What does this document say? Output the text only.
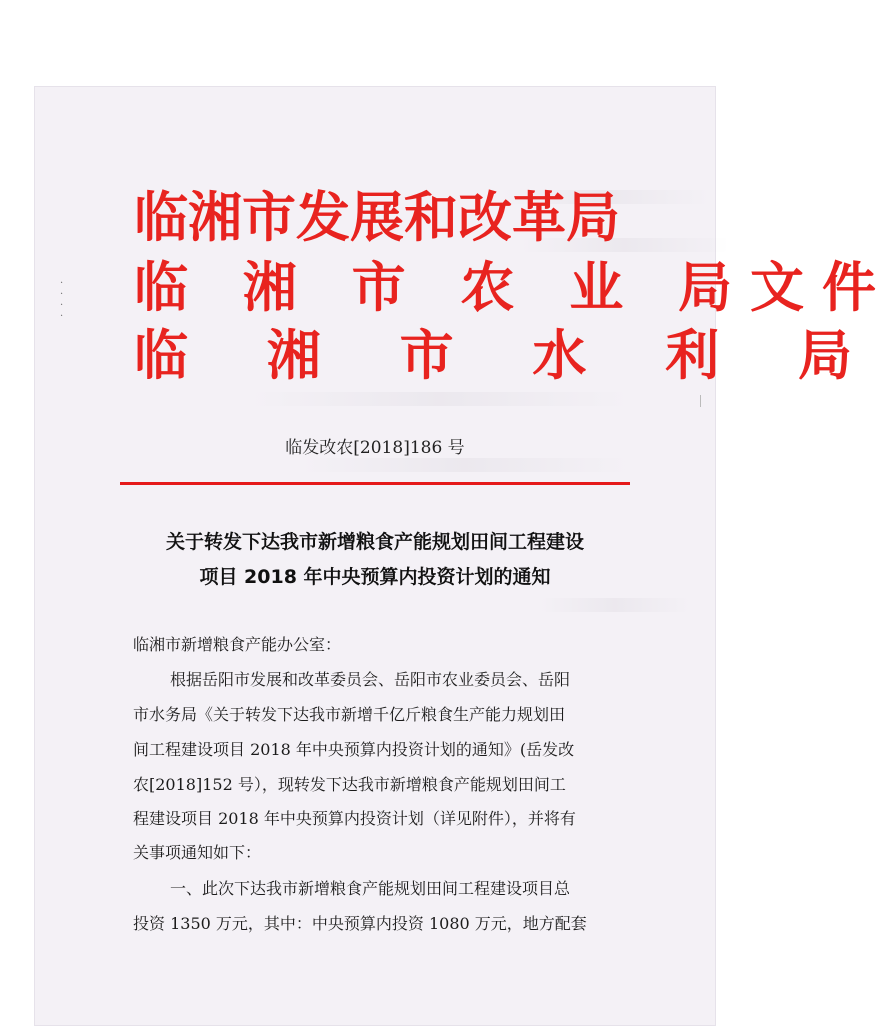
·
·
·
·
临湘市发展和改革局
临 湘 市 农 业 局文件
临 湘 市 水 利 局
临发改农[2018]186 号
关于转发下达我市新增粮食产能规划田间工程建设
项目 2018 年中央预算内投资计划的通知
临湘市新增粮食产能办公室：
根据岳阳市发展和改革委员会、岳阳市农业委员会、岳阳
市水务局《关于转发下达我市新增千亿斤粮食生产能力规划田
间工程建设项目 2018 年中央预算内投资计划的通知》(岳发改
农[2018]152 号），现转发下达我市新增粮食产能规划田间工
程建设项目 2018 年中央预算内投资计划（详见附件），并将有
关事项通知如下：
一、此次下达我市新增粮食产能规划田间工程建设项目总
投资 1350 万元，其中：中央预算内投资 1080 万元，地方配套
